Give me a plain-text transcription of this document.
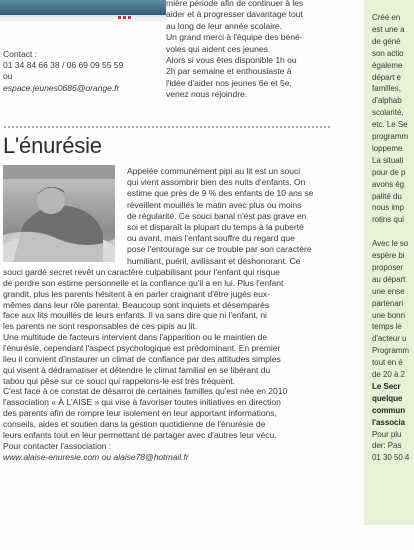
mière période afin de continuer à les
aider et à progresser davantage tout
au long de leur année scolaire.
Un grand merci à l'équipe des béné-
voles qui aident ces jeunes.
Alors si vous êtes disponible 1h ou
2h par semaine et enthousiaste à
l'idée d'aider nos jeunes 6e et 5e,
venez nous rejoindre.
Contact :
01 34 84 66 38 / 06 69 09 55 59
ou
espace.jeunes0686@orange.fr
L'énurésie
Appelée communément pipi au lit est un souci
qui vient assombrir bien des nuits d'enfants. On
estime que près de 9 % des enfants de 10 ans se
réveillent mouillés le matin avec plus ou moins
de régularité. Ce souci banal n'est pas grave en
soi et disparaît la plupart du temps à la puberté
ou avant, mais l'enfant souffre du regard que
pose l'entourage sur ce trouble par son caractère
humiliant, puéril, avilissant et déshonorant. Ce
souci gardé secret revêt un caractère culpabilisant pour l'enfant qui risque
de perdre son estime personnelle et la confiance qu'il a en lui. Plus l'enfant
grandit, plus les parents hésitent à en parler craignant d'être jugés eux-
mêmes dans leur rôle parental. Beaucoup sont inquiets et désemparés
face aux lits mouillés de leurs enfants. Il va sans dire que ni l'enfant, ni
les parents ne sont responsables de ces pipis au lit.
Une multitude de facteurs intervient dans l'apparition ou le maintien de
l'énurésie, cependant l'aspect psychologique est prédominant. En premier
lieu il convient d'instaurer un climat de confiance par des attitudes simples
qui visent à dédramatiser et détendre le climat familial en se libérant du
tabou qui pèse sur ce souci qui rappelons-le est très fréquent.
C'est face à ce constat de désarroi de certaines familles qu'est née en 2010
l'association « À L'AISE » qui vise à favoriser toutes initiatives en direction
des parents afin de rompre leur isolement en leur apportant informations,
conseils, aides et soutien dans la gestion quotidienne de l'énurésie de
leurs enfants tout en leur permettant de partager avec d'autres leur vécu.
Pour contacter l'association :
www.alaise-enuresie.com ou alaise78@hotmail.fr
Créé en
est une a
de géné
son actio
égaleme
départ e
familles,
d'alphab
scolarité,
etc. Le Se
programm
loppeme
La situati
pour de p
avons ég
palité du
nous imp
rotins qui
Avec le so
espère bi
proposer
au départ
une ense
partenari
une bonn
temps le
d'acteur u
Programm
tout en é
de 20 à 2
Le Secr
quelque
commun
l'associa
Pour plu
der: Pas
01 30 50 4
